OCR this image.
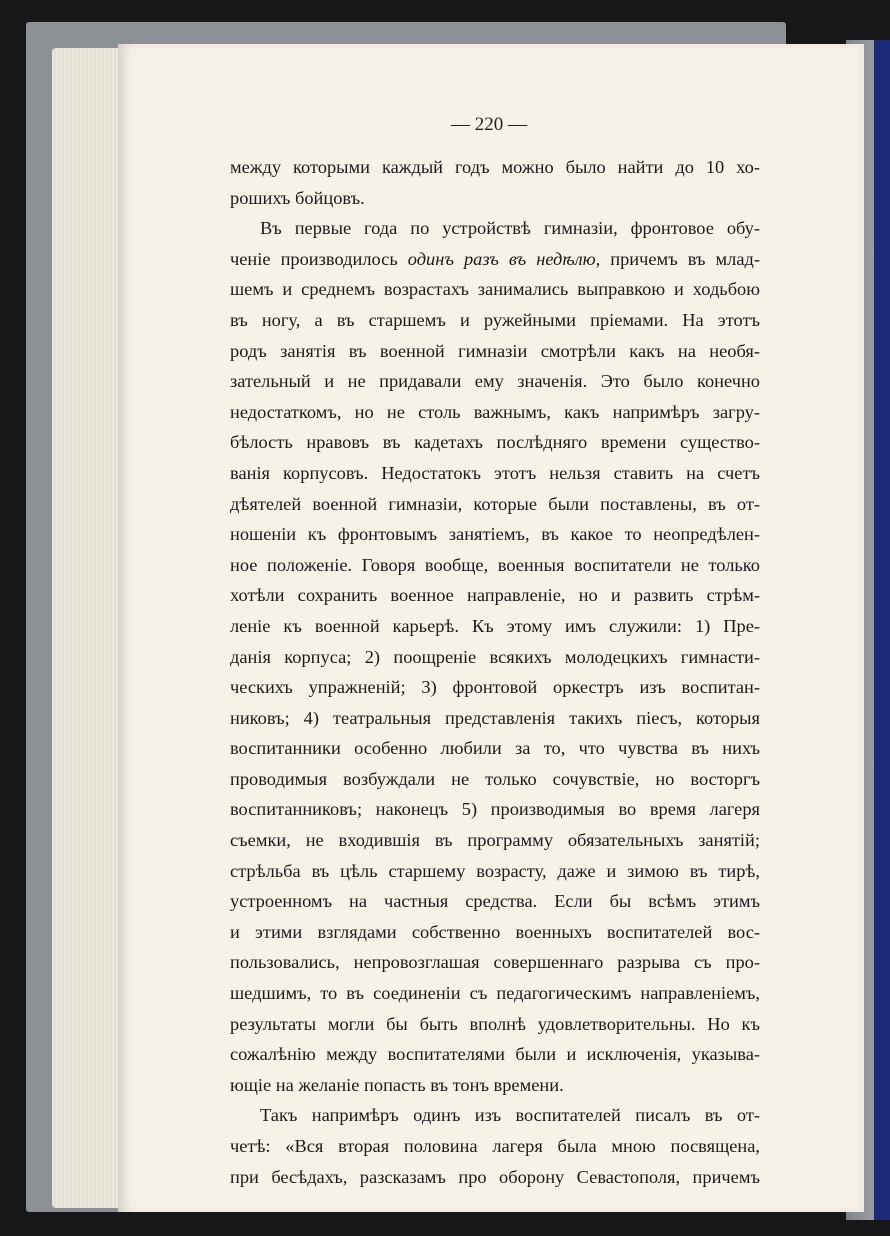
— 220 —
между которыми каждый годъ можно было найти до 10 хо-
рошихъ бойцовъ.
Въ первые года по устройствѣ гимназіи, фронтовое обу-
ченіе производилось одинъ разъ въ недѣлю, причемъ въ млад-
шемъ и среднемъ возрастахъ занимались выправкою и ходьбою
въ ногу, а въ старшемъ и ружейными пріемами. На этотъ
родъ занятія въ военной гимназіи смотрѣли какъ на необя-
зательный и не придавали ему значенія. Это было конечно
недостаткомъ, но не столь важнымъ, какъ напримѣръ загру-
бѣлость нравовъ въ кадетахъ послѣдняго времени существо-
ванія корпусовъ. Недостатокъ этотъ нельзя ставить на счетъ
дѣятелей военной гимназіи, которые были поставлены, въ от-
ношеніи къ фронтовымъ занятіемъ, въ какое то неопредѣлен-
ное положеніе. Говоря вообще, военныя воспитатели не только
хотѣли сохранить военное направленіе, но и развить стрѣм-
леніе къ военной карьерѣ. Къ этому имъ служили: 1) Пре-
данія корпуса; 2) поощреніе всякихъ молодецкихъ гимнасти-
ческихъ упражненій; 3) фронтовой оркестръ изъ воспитан-
никовъ; 4) театральныя представленія такихъ піесъ, которыя
воспитанники особенно любили за то, что чувства въ нихъ
проводимыя возбуждали не только сочувствіе, но восторгъ
воспитанниковъ; наконецъ 5) производимыя во время лагеря
съемки, не входившія въ программу обязательныхъ занятій;
стрѣльба въ цѣль старшему возрасту, даже и зимою въ тирѣ,
устроенномъ на частныя средства. Если бы всѣмъ этимъ
и этими взглядами собственно военныхъ воспитателей вос-
пользовались, непровозглашая совершеннаго разрыва съ про-
шедшимъ, то въ соединеніи съ педагогическимъ направленіемъ,
результаты могли бы быть вполнѣ удовлетворительны. Но къ
сожалѣнію между воспитателями были и исключенія, указыва-
ющіе на желаніе попасть въ тонъ времени.
Такъ напримѣръ одинъ изъ воспитателей писалъ въ от-
четѣ: «Вся вторая половина лагеря была мною посвящена,
при бесѣдахъ, разсказамъ про оборону Севастополя, причемъ
